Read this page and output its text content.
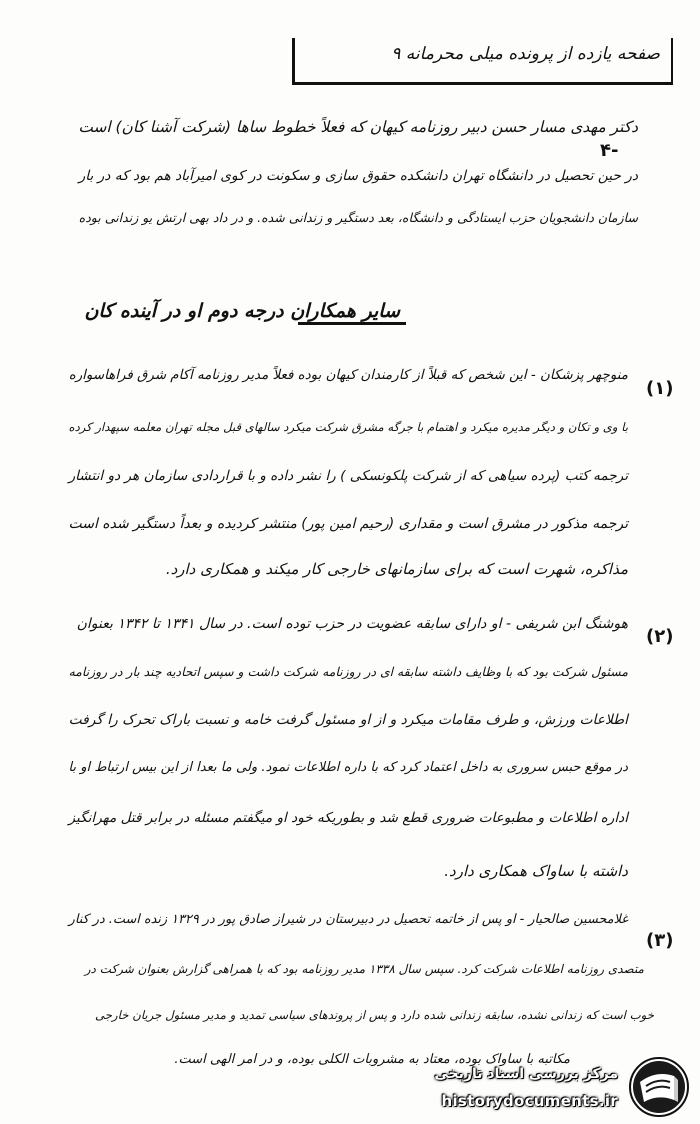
صفحه یازده از پرونده میلی محرمانه ۹
۴-
دکتر مهدی مسار حسن دبیر روزنامه کیهان که فعلاً خطوط ساها (شرکت آشنا کان) است
در حین تحصیل در دانشگاه تهران دانشکده حقوق سازی و سکونت در کوی امیرآباد هم بود که در بار
سازمان دانشجویان حزب ایستادگی و دانشگاه، بعد دستگیر و زندانی شده. و در داد بهی ارتش یو زندانی بوده
سایر همکاران درجه دوم او در آینده کان
(۱)
منوچهر پزشکان - این شخص که قبلاً از کارمندان کیهان بوده فعلاً مدیر روزنامه آکام شرق فراهاسواره
با وی و تکان و دیگر مدیره میکرد و اهتمام با جرگه مشرق شرکت میکرد سالهای قبل مجله تهران معلمه سپهدار کرده
ترجمه کتب (پرده سیاهی که از شرکت پلکونسکی ) را نشر داده و با قراردادی سازمان هر دو انتشار
ترجمه مذکور در مشرق است و مقداری (رحیم امین پور) منتشر کردیده و بعداً دستگیر شده است
مذاکره، شهرت است که برای سازمانهای خارجی کار میکند و همکاری دارد.
(۲)
هوشنگ ابن شریفی - او دارای سابقه عضویت در حزب توده است. در سال ۱۳۴۱ تا ۱۳۴۲ بعنوان
مسئول شرکت بود که با وظایف داشته سابقه ای در روزنامه شرکت داشت و سپس اتحادیه چند بار در روزنامه
اطلاعات ورزش، و طرف مقامات میکرد و از او مسئول گرفت خامه و نسبت باراک تحرک را گرفت
در موقع حبس سروری به داخل اعتماد کرد که با داره اطلاعات نمود. ولی ما بعدا از این بیس ارتباط او با
اداره اطلاعات و مطبوعات ضروری قطع شد و بطوریکه خود او میگفتم مسئله در برابر قتل مهرانگیز
داشته با ساواک همکاری دارد.
(۳)
غلامحسین صالحیار - او پس از خاتمه تحصیل در دبیرستان در شیراز صادق پور در ۱۳۲۹ زنده است. در کنار
متصدی روزنامه اطلاعات شرکت کرد. سپس سال ۱۳۳۸ مدیر روزنامه بود که با همراهی گزارش بعنوان شرکت در
خوب است که زندانی نشده، سابقه زندانی شده دارد و پس از پروندهای سیاسی تمدید و مدیر مسئول جریان خارجی
مکاتبه با ساواک بوده، معتاد به مشروبات الکلی بوده، و در امر الهی است.
مرکز بررسی اسناد تاریخی
historydocuments.ir
